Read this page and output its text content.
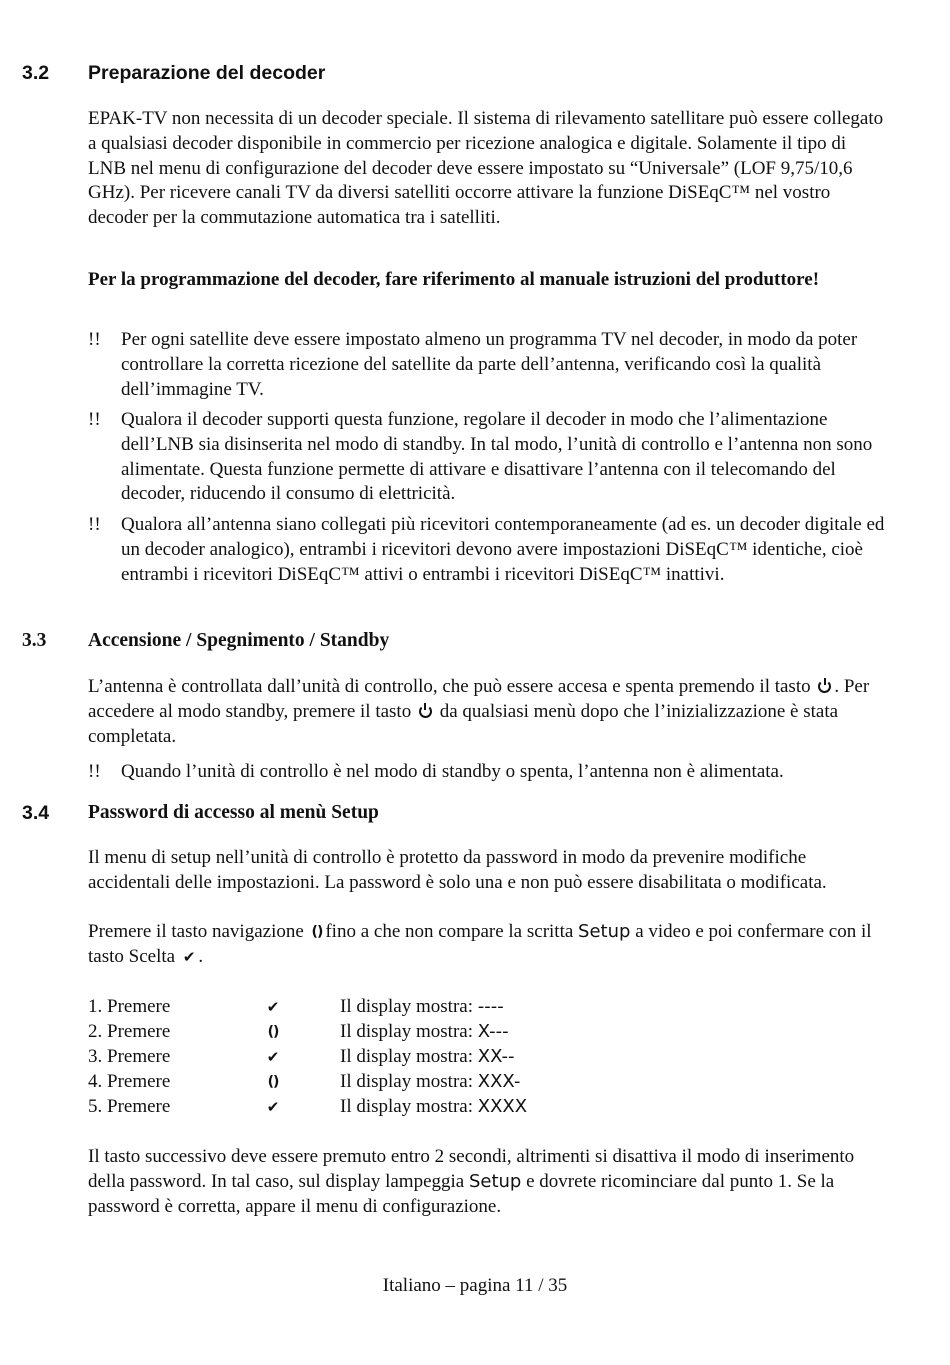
3.2 Preparazione del decoder

EPAK-TV non necessita di un decoder speciale. Il sistema di rilevamento satellitare può essere collegato a qualsiasi decoder disponibile in commercio per ricezione analogica e digitale. Solamente il tipo di LNB nel menu di configurazione del decoder deve essere impostato su “Universale” (LOF 9,75/10,6 GHz). Per ricevere canali TV da diversi satelliti occorre attivare la funzione DiSEqC™ nel vostro decoder per la commutazione automatica tra i satelliti.

Per la programmazione del decoder, fare riferimento al manuale istruzioni del produttore!

!! Per ogni satellite deve essere impostato almeno un programma TV nel decoder, in modo da poter controllare la corretta ricezione del satellite da parte dell’antenna, verificando così la qualità dell’immagine TV.
!! Qualora il decoder supporti questa funzione, regolare il decoder in modo che l’alimentazione dell’LNB sia disinserita nel modo di standby. In tal modo, l’unità di controllo e l’antenna non sono alimentate. Questa funzione permette di attivare e disattivare l’antenna con il telecomando del decoder, riducendo il consumo di elettricità.
!! Qualora all’antenna siano collegati più ricevitori contemporaneamente (ad es. un decoder digitale ed un decoder analogico), entrambi i ricevitori devono avere impostazioni DiSEqC™ identiche, cioè entrambi i ricevitori DiSEqC™ attivi o entrambi i ricevitori DiSEqC™ inattivi.
3.3 Accensione / Spegnimento / Standby

L’antenna è controllata dall’unità di controllo, che può essere accesa e spenta premendo il tasto . Per accedere al modo standby, premere il tasto da qualsiasi menù dopo che l’inizializzazione è stata completata.

!! Quando l’unità di controllo è nel modo di standby o spenta, l’antenna non è alimentata.
3.4 Password di accesso al menù Setup

Il menu di setup nell’unità di controllo è protetto da password in modo da prevenire modifiche accidentali delle impostazioni. La password è solo una e non può essere disabilitata o modificata.

Premere il tasto navigazione () fino a che non compare la scritta Setup a video e poi confermare con il tasto Scelta ✔ .

1. Premere	✔	Il display mostra: ----
2. Premere	()	Il display mostra: X---
3. Premere	✔	Il display mostra: XX--
4. Premere	()	Il display mostra: XXX-
5. Premere	✔	Il display mostra: XXXX

Il tasto successivo deve essere premuto entro 2 secondi, altrimenti si disattiva il modo di inserimento della password. In tal caso, sul display lampeggia Setup e dovrete ricominciare dal punto 1. Se la password è corretta, appare il menu di configurazione.

Italiano – pagina 11 / 35
